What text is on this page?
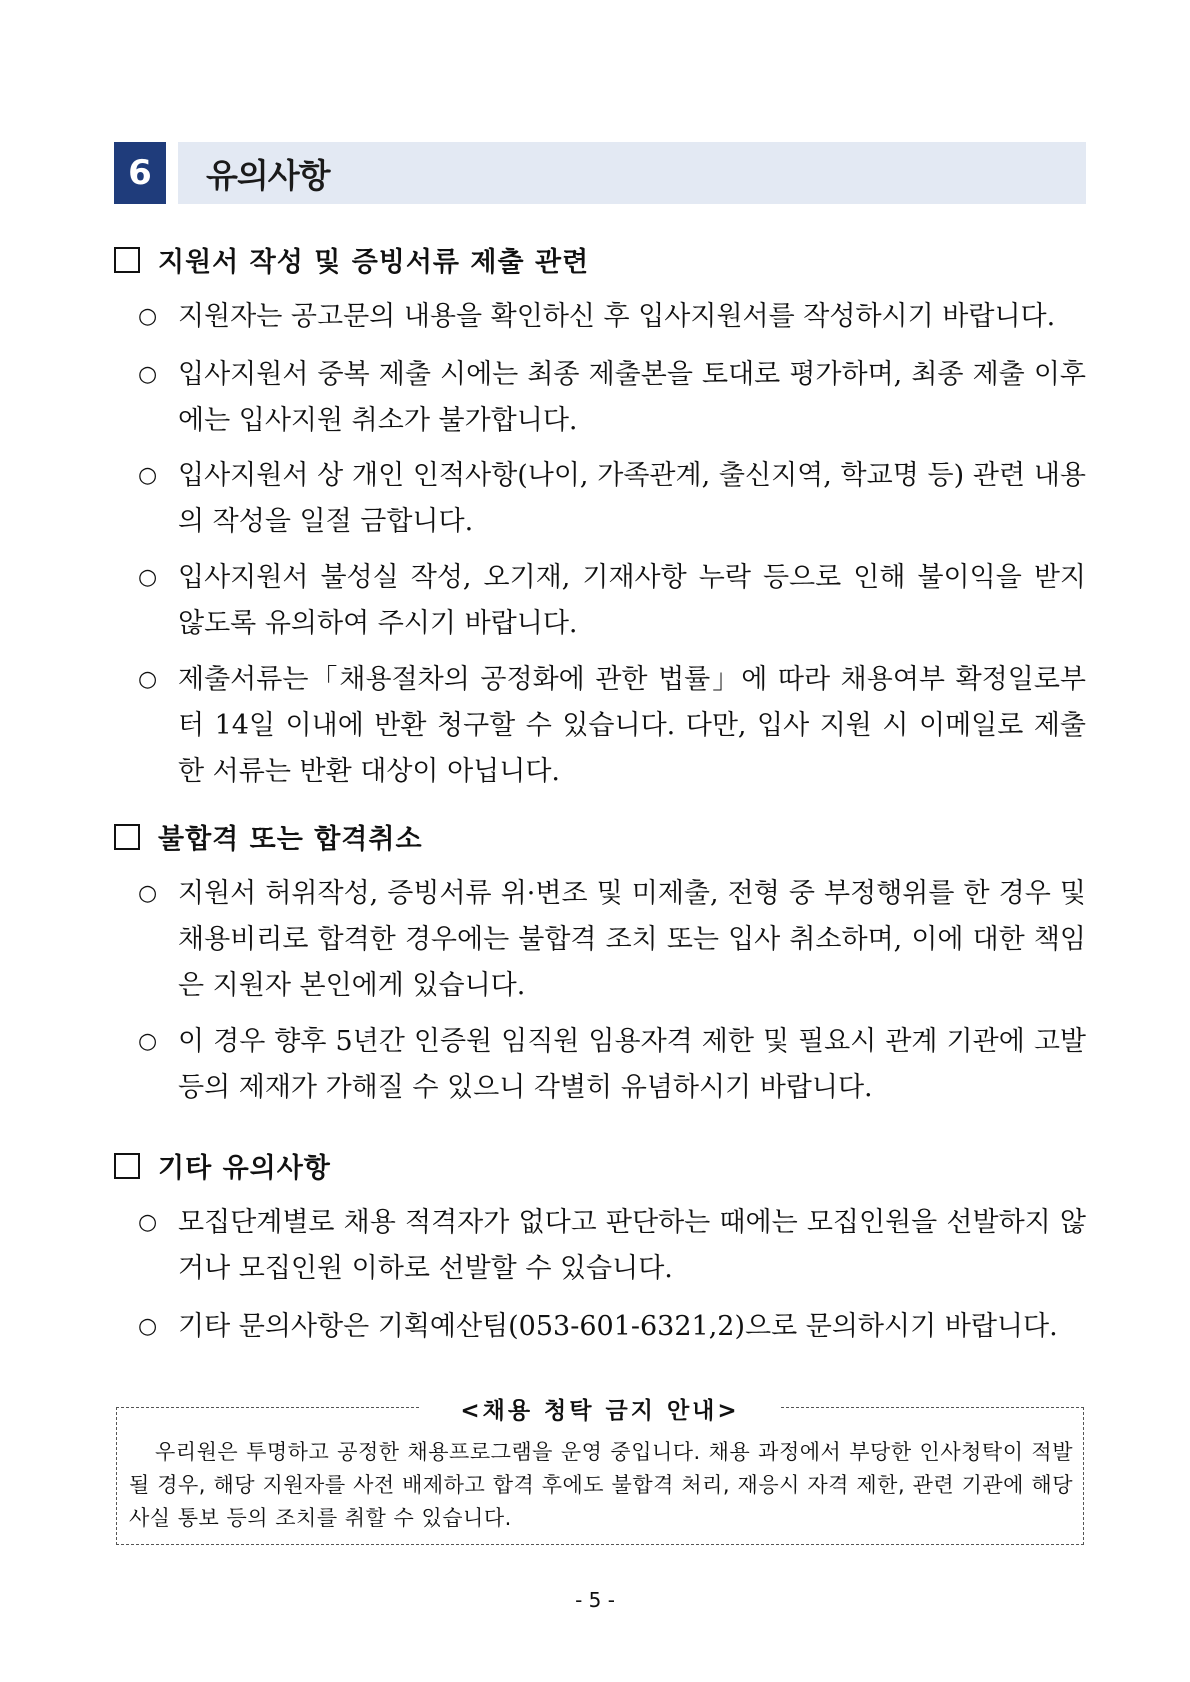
6	유의사항
지원서 작성 및 증빙서류 제출 관련
○ 지원자는 공고문의 내용을 확인하신 후 입사지원서를 작성하시기 바랍니다.
○ 입사지원서 중복 제출 시에는 최종 제출본을 토대로 평가하며, 최종 제출 이후에는 입사지원 취소가 불가합니다.
○ 입사지원서 상 개인 인적사항(나이, 가족관계, 출신지역, 학교명 등) 관련 내용의 작성을 일절 금합니다.
○ 입사지원서 불성실 작성, 오기재, 기재사항 누락 등으로 인해 불이익을 받지 않도록 유의하여 주시기 바랍니다.
○ 제출서류는「채용절차의 공정화에 관한 법률」에 따라 채용여부 확정일로부터 14일 이내에 반환 청구할 수 있습니다. 다만, 입사 지원 시 이메일로 제출한 서류는 반환 대상이 아닙니다.
불합격 또는 합격취소
○ 지원서 허위작성, 증빙서류 위·변조 및 미제출, 전형 중 부정행위를 한 경우 및 채용비리로 합격한 경우에는 불합격 조치 또는 입사 취소하며, 이에 대한 책임은 지원자 본인에게 있습니다.
○ 이 경우 향후 5년간 인증원 임직원 임용자격 제한 및 필요시 관계 기관에 고발 등의 제재가 가해질 수 있으니 각별히 유념하시기 바랍니다.
기타 유의사항
○ 모집단계별로 채용 적격자가 없다고 판단하는 때에는 모집인원을 선발하지 않거나 모집인원 이하로 선발할 수 있습니다.
○ 기타 문의사항은 기획예산팀(053-601-6321,2)으로 문의하시기 바랍니다.
<채용 청탁 금지 안내>
우리원은 투명하고 공정한 채용프로그램을 운영 중입니다. 채용 과정에서 부당한 인사청탁이 적발될 경우, 해당 지원자를 사전 배제하고 합격 후에도 불합격 처리, 재응시 자격 제한, 관련 기관에 해당 사실 통보 등의 조치를 취할 수 있습니다.
- 5 -
